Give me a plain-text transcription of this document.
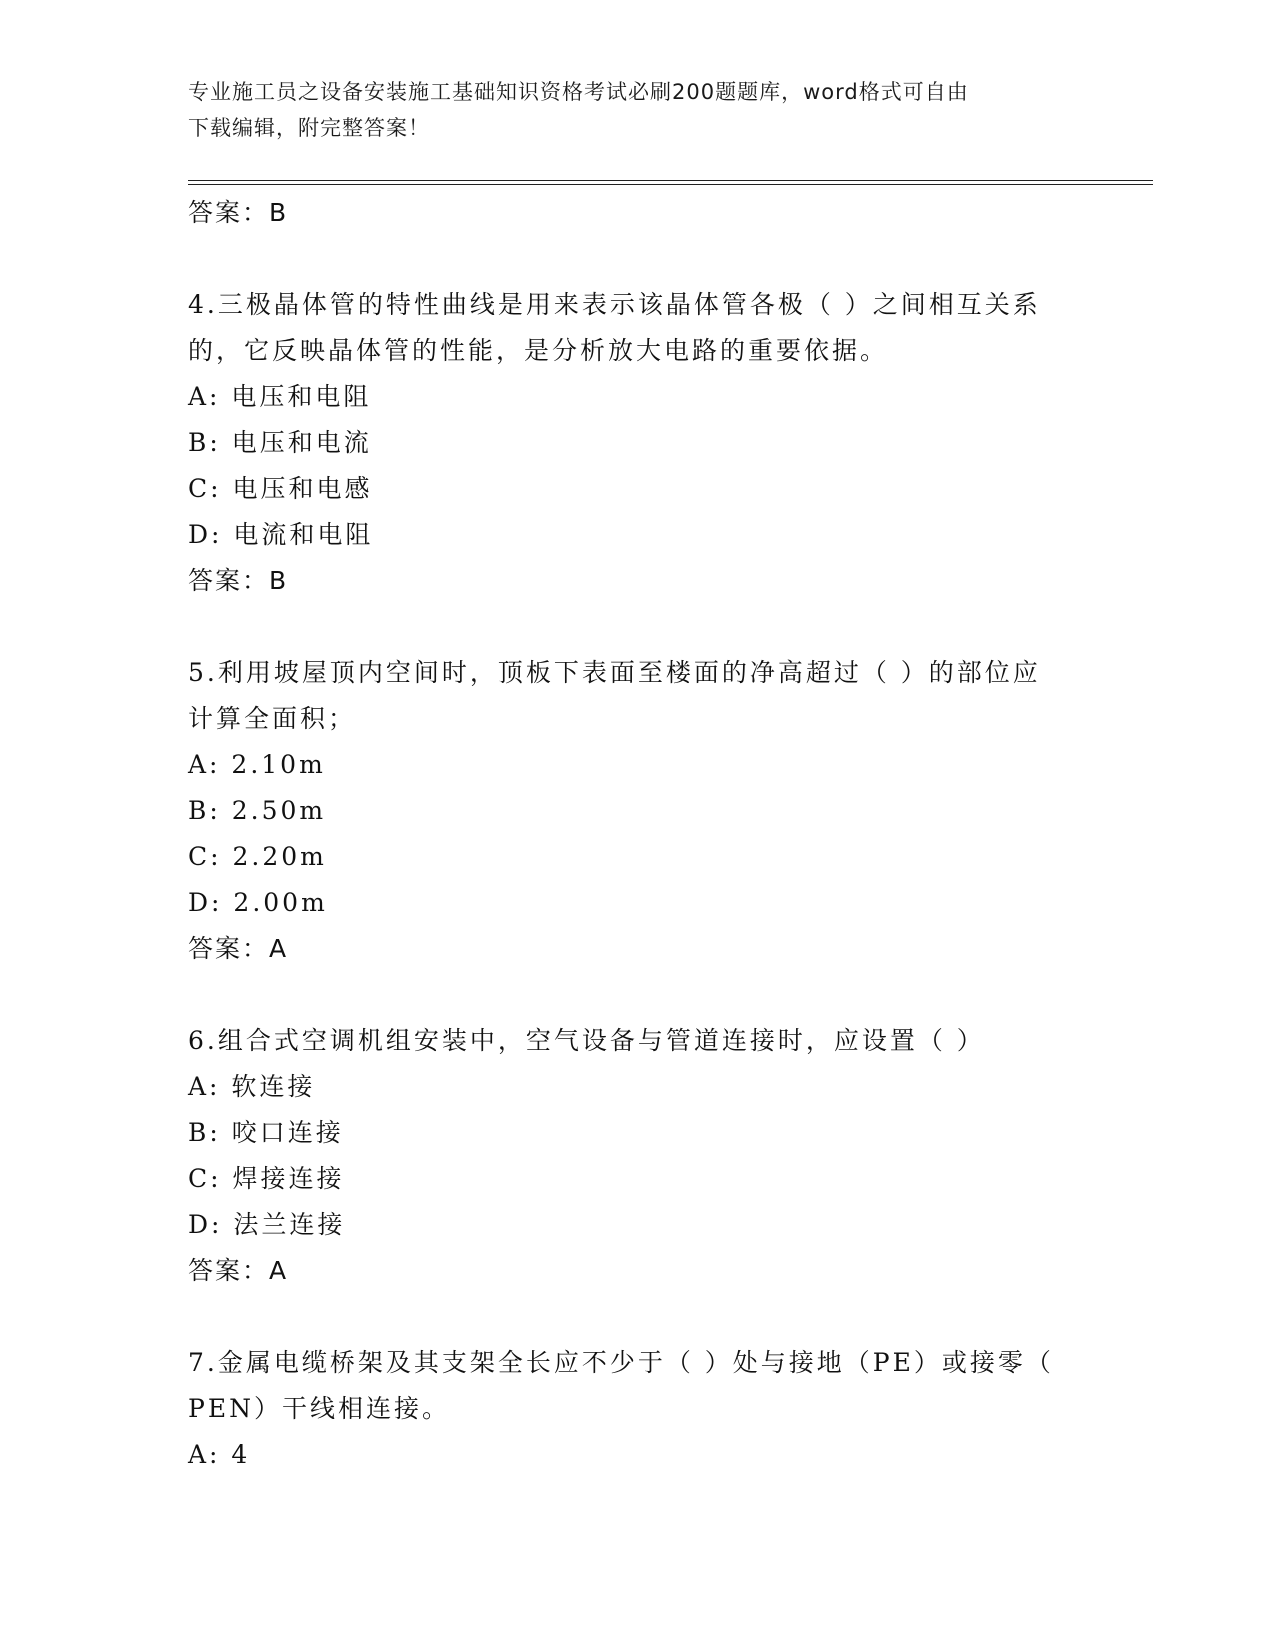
专业施工员之设备安装施工基础知识资格考试必刷200题题库，word格式可自由
下载编辑，附完整答案！
答案：B
4.三极晶体管的特性曲线是用来表示该晶体管各极（ ）之间相互关系
的，它反映晶体管的性能，是分析放大电路的重要依据。
A: 电压和电阻
B: 电压和电流
C: 电压和电感
D: 电流和电阻
答案：B
5.利用坡屋顶内空间时，顶板下表面至楼面的净高超过（ ）的部位应
计算全面积；
A: 2.10m
B: 2.50m
C: 2.20m
D: 2.00m
答案：A
6.组合式空调机组安装中，空气设备与管道连接时，应设置（ ）
A: 软连接
B: 咬口连接
C: 焊接连接
D: 法兰连接
答案：A
7.金属电缆桥架及其支架全长应不少于（ ）处与接地（PE）或接零（
PEN）干线相连接。
A: 4
